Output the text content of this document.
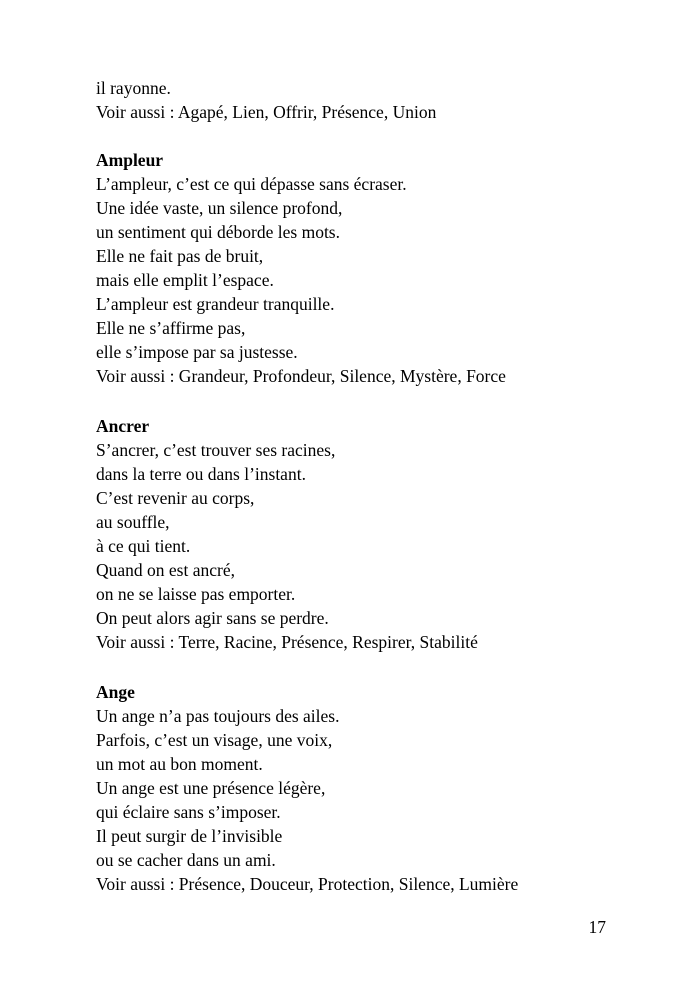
il rayonne.
Voir aussi : Agapé, Lien, Offrir, Présence, Union
Ampleur
L’ampleur, c’est ce qui dépasse sans écraser.
Une idée vaste, un silence profond,
un sentiment qui déborde les mots.
Elle ne fait pas de bruit,
mais elle emplit l’espace.
L’ampleur est grandeur tranquille.
Elle ne s’affirme pas,
elle s’impose par sa justesse.
Voir aussi : Grandeur, Profondeur, Silence, Mystère, Force
Ancrer
S’ancrer, c’est trouver ses racines,
dans la terre ou dans l’instant.
C’est revenir au corps,
au souffle,
à ce qui tient.
Quand on est ancré,
on ne se laisse pas emporter.
On peut alors agir sans se perdre.
Voir aussi : Terre, Racine, Présence, Respirer, Stabilité
Ange
Un ange n’a pas toujours des ailes.
Parfois, c’est un visage, une voix,
un mot au bon moment.
Un ange est une présence légère,
qui éclaire sans s’imposer.
Il peut surgir de l’invisible
ou se cacher dans un ami.
Voir aussi : Présence, Douceur, Protection, Silence, Lumière
17
